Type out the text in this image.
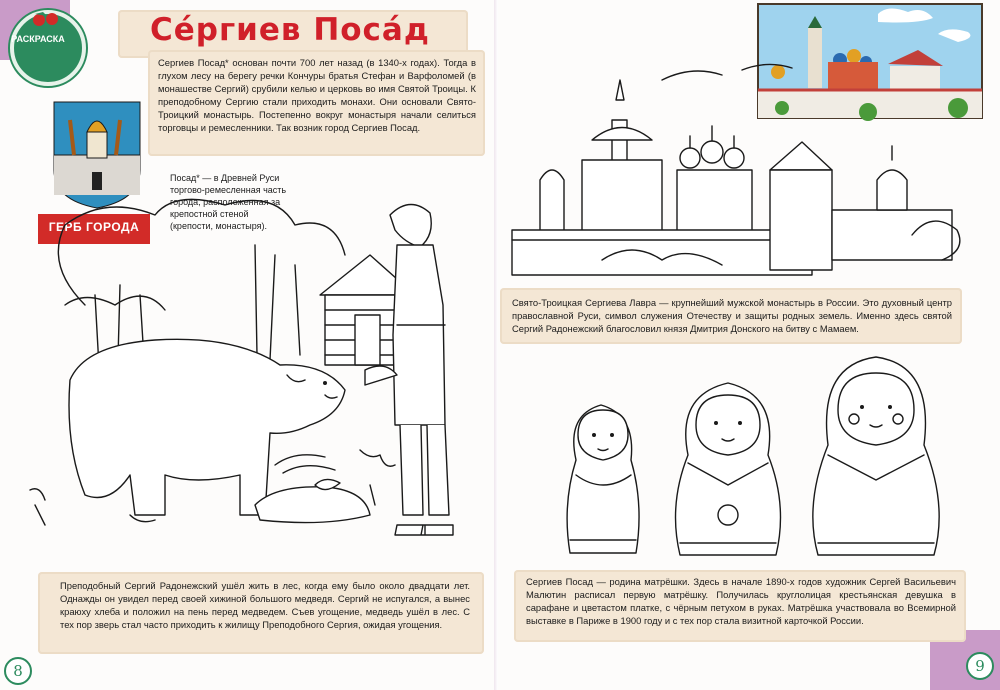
РАСКРАСКА	Се́ргиев Поса́д
Сергиев Посад* основан почти 700 лет назад (в 1340-х годах). Тогда в глухом лесу на берегу речки Кончуры братья Стефан и Варфоломей (в монашестве Сергий) срубили келью и церковь во имя Святой Троицы. К преподобному Сергию стали приходить монахи. Они основали Свято-Троицкий монастырь. Постепенно вокруг монастыря начали селиться торговцы и ремесленники. Так возник город Сергиев Посад.
ГЕРБ ГОРОДА
Посад* — в Древней Руси торгово-ремесленная часть города, расположенная за крепостной стеной (крепости, монастыря).
Преподобный Сергий Радонежский ушёл жить в лес, когда ему было около двадцати лет. Однажды он увидел перед своей хижиной большого медведя. Сергий не испугался, а вынес краюху хлеба и положил на пень перед медведем. Съев угощение, медведь ушёл в лес. С тех пор зверь стал часто приходить к жилищу Преподобного Сергия, ожидая угощения.
8
Свято-Троицкая Сергиева Лавра — крупнейший мужской монастырь в России. Это духовный центр православной Руси, символ служения Отечеству и защиты родных земель. Именно здесь святой Сергий Радонежский благословил князя Дмитрия Донского на битву с Мамаем.
Сергиев Посад — родина матрёшки. Здесь в начале 1890-х годов художник Сергей Васильевич Малютин расписал первую матрёшку. Получилась круглолицая крестьянская девушка в сарафане и цветастом платке, с чёрным петухом в руках. Матрёшка участвовала во Всемирной выставке в Париже в 1900 году и с тех пор стала визитной карточкой России.
9
